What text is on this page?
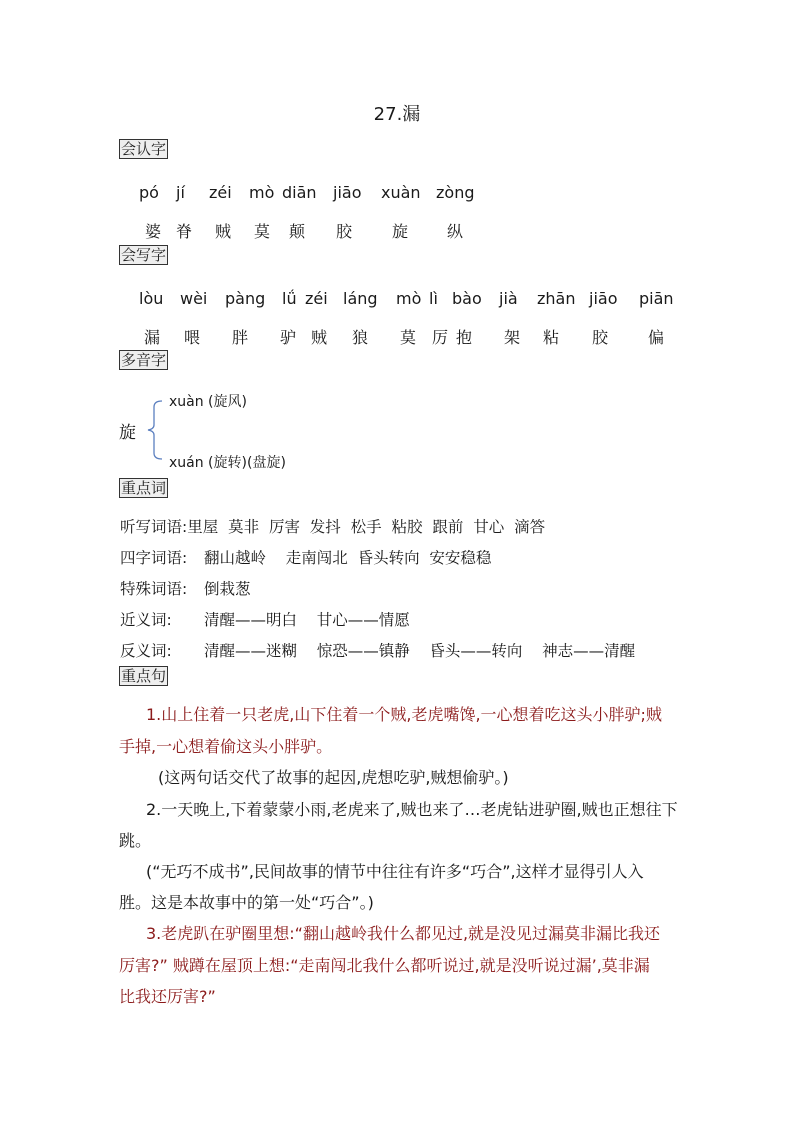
27.漏
会认字
pó jí zéi mò diān jiāo xuàn zòng
婆 脊 贼 莫 颠 胶 旋 纵
会写字
lòu wèi pàng lǘ zéi láng mò lì bào jià zhān jiāo piān
漏 喂 胖 驴 贼 狼 莫 厉 抱 架 粘 胶 偏
多音字
旋
xuàn (旋风)
xuán (旋转)(盘旋)
重点词
听写词语:里屋  莫非  厉害  发抖  松手  粘胶  跟前  甘心  滴答
四字词语: 翻山越岭    走南闯北  昏头转向  安安稳稳
特殊词语: 倒栽葱
近义词: 清醒——明白    甘心——情愿
反义词: 清醒——迷糊    惊恐——镇静    昏头——转向    神志——清醒
重点句
1.山上住着一只老虎,山下住着一个贼,老虎嘴馋,一心想着吃这头小胖驴;贼
手掉,一心想着偷这头小胖驴。
(这两句话交代了故事的起因,虎想吃驴,贼想偷驴。)
2.一天晚上,下着蒙蒙小雨,老虎来了,贼也来了…老虎钻进驴圈,贼也正想往下
跳。
(“无巧不成书”,民间故事的情节中往往有许多“巧合”,这样才显得引人入
胜。这是本故事中的第一处“巧合”。)
3.老虎趴在驴圈里想:“翻山越岭我什么都见过,就是没见过漏莫非漏比我还
厉害?” 贼蹲在屋顶上想:“走南闯北我什么都听说过,就是没听说过漏’,莫非漏
比我还厉害?”
